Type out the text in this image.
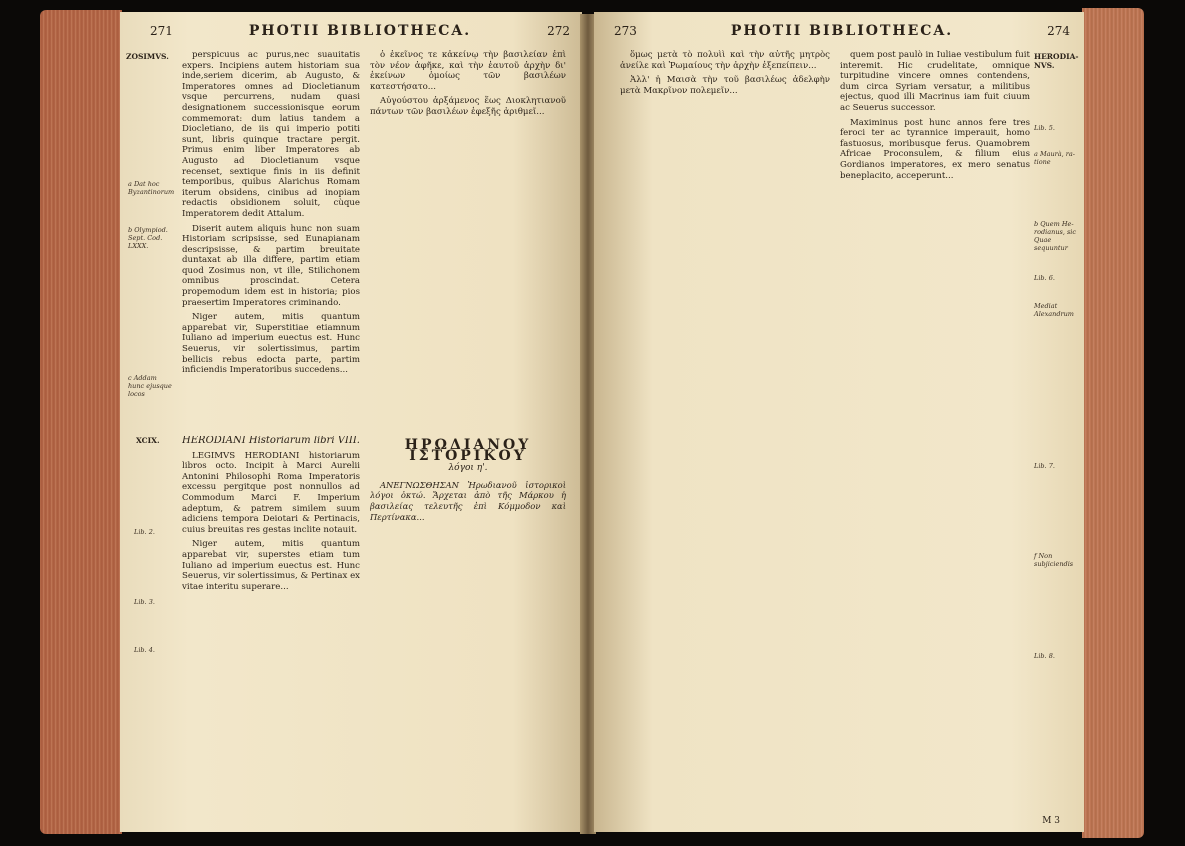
271	PHOTII BIBLIOTHECA.	272
ZOSIMVS.
XCIX.
a Dat hoc Byzantinorum
b Olympiod. Sept. Cod. LXXX.
c Addam hunc ejusque locos
Lib. 2.
Lib. 3.
Lib. 4.

perspicuus ac purus,nec suauitatis expers. Incipiens autem historiam sua inde,seriem dicerim, ab Augusto, & Imperatores omnes ad Diocletianum vsque percurrens, nudam quasi designationem successionisque eorum commemorat: dum latius tandem a Diocletiano, de iis qui imperio potiti sunt, libris quinque tractare pergit. Primus enim liber Imperatores ab Augusto ad Diocletianum vsque recenset, sextique finis in iis definit temporibus, quibus Alarichus Romam iterum obsidens, cinibus ad inopiam redactis obsidionem soluit, cùque Imperatorem dedit Attalum.

Diserit autem aliquis hunc non suam Historiam scripsisse, sed Eunapianam descripsisse, & partim breuitate duntaxat ab illa differe, partim etiam quod Zosimus non, vt ille, Stilichonem omnibus proscindat. Cetera propemodum idem est in historia; pios praesertim Imperatores criminando.

Niger autem, mitis quantum apparebat vir, Superstitiae etiamnum Iuliano ad imperium euectus est. Hunc Seuerus, vir solertissimus, partim bellicis rebus edocta parte, partim inficiendis Imperatoribus succedens...

HERODIANI Historiarum libri VIII.

LEGIMVS HERODIANI historiarum libros octo. Incipit à Marci Aurelii Antonini Philosophi Roma Imperatoris excessu pergitque post nonnullos ad Commodum Marci F. Imperium adeptum, & patrem similem suum adiciens tempora Deiotari & Pertinacis, cuius breuitas res gestas inclite notauit.

Niger autem, mitis quantum apparebat vir, superstes etiam tum Iuliano ad imperium euectus est. Hunc Seuerus, vir solertissimus, & Pertinax ex vitae interitu superare...

ὁ ἐκεῖνος τε κἀκείνῳ τὴν βασιλείαν ἐπὶ τὸν νέον ἀφῆκε, καὶ τὴν ἑαυτοῦ ἀρχὴν δι' ἐκείνων ὁμοίως τῶν βασιλέων κατεστήσατο...

Αὐγούστου ἀρξάμενος ἕως Διοκλητιανοῦ πάντων τῶν βασιλέων ἐφεξῆς ἀριθμεῖ...

ΗΡΩΔΙΑΝΟΥ ΙΣΤΟΡΙΚΟΥ
λόγοι η'.

ΑΝΕΓΝΩΣΘΗΣΑΝ Ἡρωδιανοῦ ἱστορικοὶ λόγοι ὀκτώ. Ἄρχεται ἀπὸ τῆς Μάρκου ἡ βασιλείας τελευτῆς ἐπὶ Κόμμοδον καὶ Περτίνακα...

273	PHOTII BIBLIOTHECA.	274

ὅμως μετὰ τὸ πολυὶὶ καὶ τὴν αὐτῆς μητρὸς ἀνείλε καὶ Ῥωμαίους τὴν ἀρχὴν ἐξεπείπειν...

Ἀλλ' ἡ Μαισὰ τὴν τοῦ βασιλέως ἀδελφὴν μετὰ Μακρῖνον πολεμεῖν...

quem post paulò in Iuliae vestibulum fuit interemit. Hic crudelitate, omnique turpitudine vincere omnes contendens, dum circa Syriam versatur, a militibus ejectus, quod illi Macrinus iam fuit ciuum ac Seuerus successor.

Maximinus post hunc annos fere tres feroci ter ac tyrannice imperauit, homo fastuosus, moribusque ferus. Quamobrem Africae Proconsulem, & filium eius Gordianos imperatores, ex mero senatus beneplacito, acceperunt...

HERODIA-NVS.
Lib. 5.
a Maurà, ra-tione
b Quem He-rodianus, sic Quae sequuntur
Lib. 6.
Mediat Alexandrum
Lib. 7.
f Non subjiciendis
Lib. 8.
M 3
